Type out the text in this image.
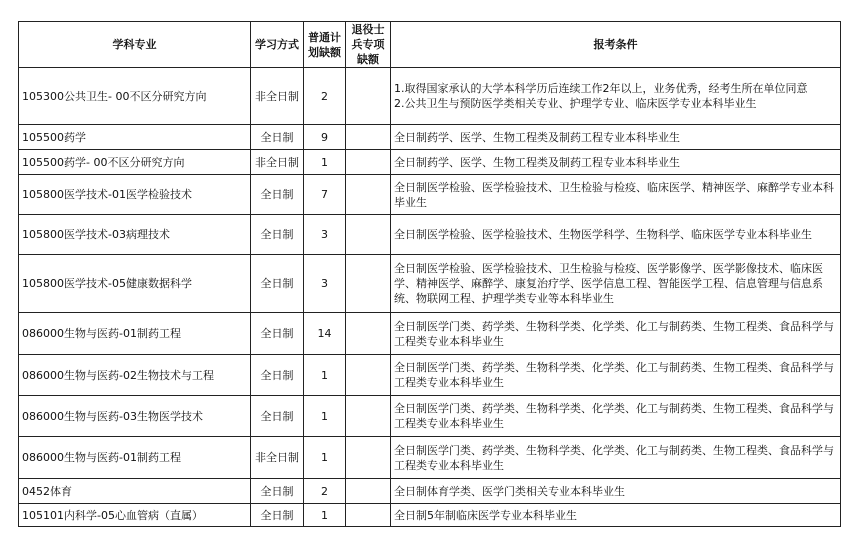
学科专业	学习方式	普通计划缺额	退役士兵专项缺额	报考条件
105300公共卫生- 00不区分研究方向	非全日制	2		1.取得国家承认的大学本科学历后连续工作2年以上，业务优秀，经考生所在单位同意
2.公共卫生与预防医学类相关专业、护理学专业、临床医学专业本科毕业生
105500药学	全日制	9		全日制药学、医学、生物工程类及制药工程专业本科毕业生
105500药学- 00不区分研究方向	非全日制	1		全日制药学、医学、生物工程类及制药工程专业本科毕业生
105800医学技术-01医学检验技术	全日制	7		全日制医学检验、医学检验技术、卫生检验与检疫、临床医学、精神医学、麻醉学专业本科毕业生
105800医学技术-03病理技术	全日制	3		全日制医学检验、医学检验技术、生物医学科学、生物科学、临床医学专业本科毕业生
105800医学技术-05健康数据科学	全日制	3		全日制医学检验、医学检验技术、卫生检验与检疫、医学影像学、医学影像技术、临床医学、精神医学、麻醉学、康复治疗学、医学信息工程、智能医学工程、信息管理与信息系统、物联网工程、护理学类专业等本科毕业生
086000生物与医药-01制药工程	全日制	14		全日制医学门类、药学类、生物科学类、化学类、化工与制药类、生物工程类、食品科学与工程类专业本科毕业生
086000生物与医药-02生物技术与工程	全日制	1		全日制医学门类、药学类、生物科学类、化学类、化工与制药类、生物工程类、食品科学与工程类专业本科毕业生
086000生物与医药-03生物医学技术	全日制	1		全日制医学门类、药学类、生物科学类、化学类、化工与制药类、生物工程类、食品科学与工程类专业本科毕业生
086000生物与医药-01制药工程	非全日制	1		全日制医学门类、药学类、生物科学类、化学类、化工与制药类、生物工程类、食品科学与工程类专业本科毕业生
0452体育	全日制	2		全日制体育学类、医学门类相关专业本科毕业生
105101内科学-05心血管病（直属）	全日制	1		全日制5年制临床医学专业本科毕业生
